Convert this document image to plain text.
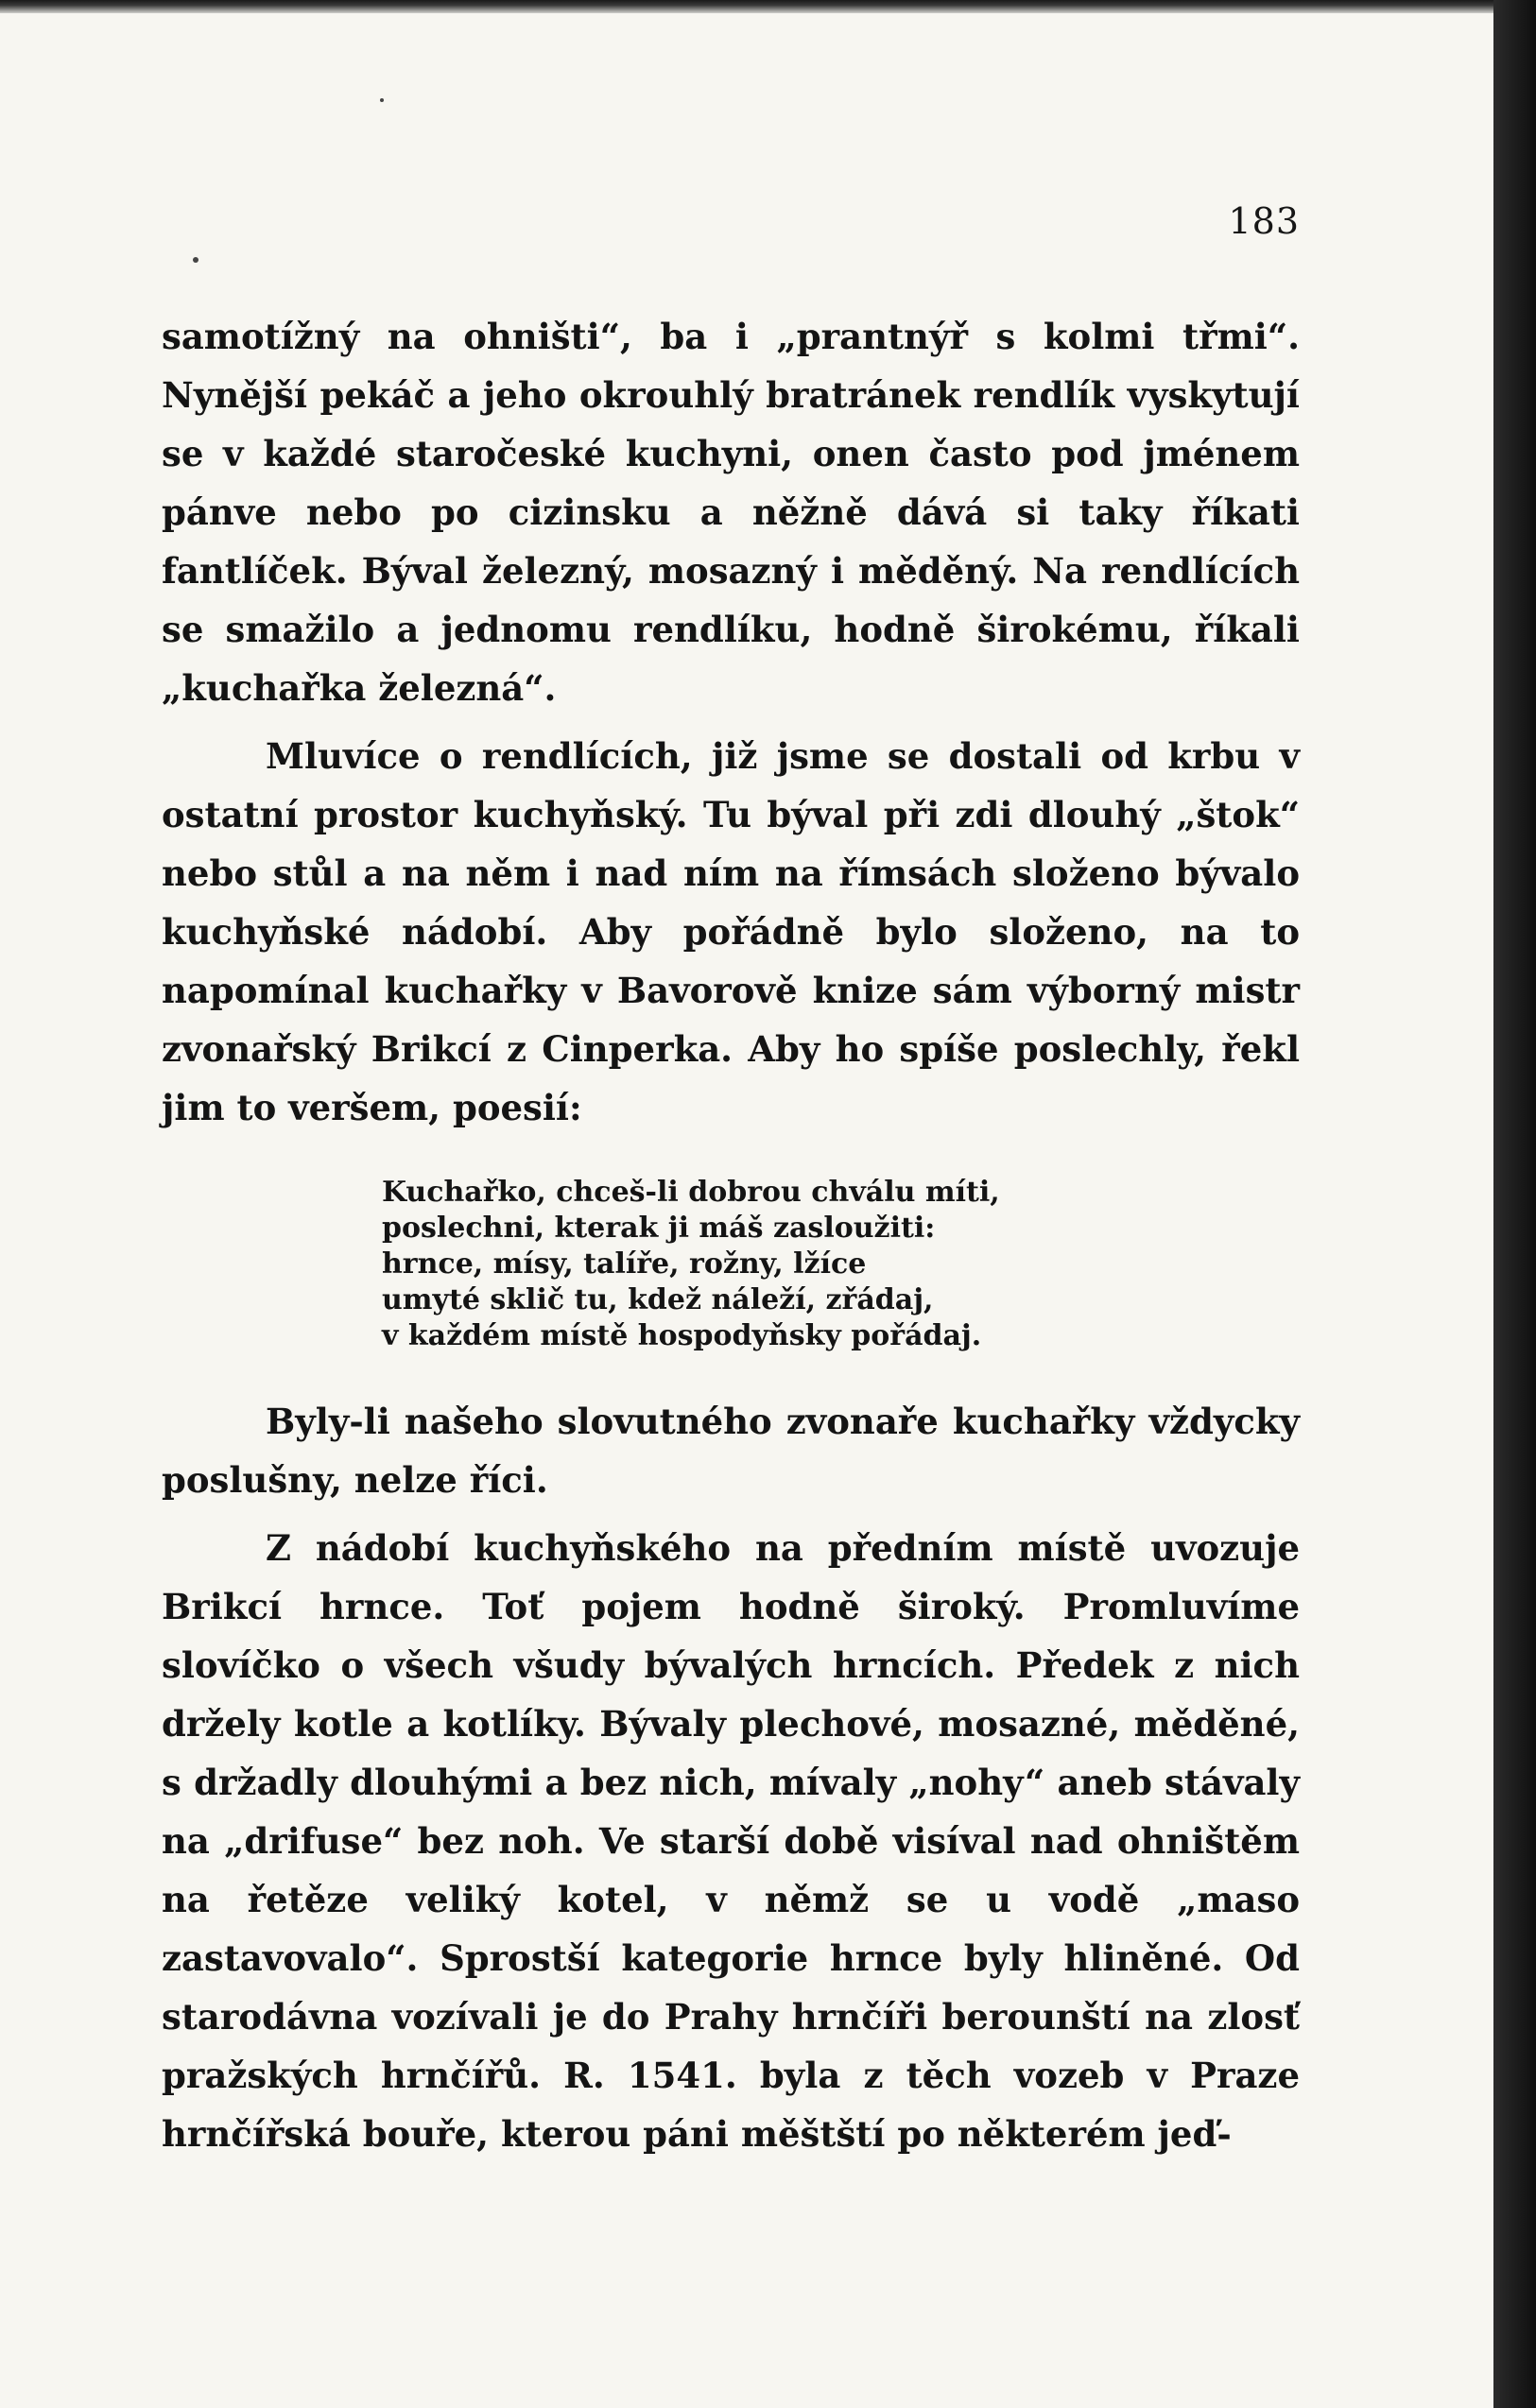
183

samotížný na ohništi“, ba i „prantnýř s kolmi třmi“. Nynější pekáč a jeho okrouhlý bratránek rendlík vyskytují se v každé staročeské kuchyni, onen často pod jménem pánve nebo po cizinsku a něžně dává si taky říkati fantlíček. Býval železný, mosazný i měděný. Na rendlících se smažilo a jednomu rendlíku, hodně širokému, říkali „kuchařka železná“.

Mluvíce o rendlících, již jsme se dostali od krbu v ostatní prostor kuchyňský. Tu býval při zdi dlouhý „štok“ nebo stůl a na něm i nad ním na římsách složeno bývalo kuchyňské nádobí. Aby pořádně bylo složeno, na to napomínal kuchařky v Bavorově knize sám výborný mistr zvonařský Brikcí z Cinperka. Aby ho spíše poslechly, řekl jim to veršem, poesií:

Kuchařko, chceš-li dobrou chválu míti,
poslechni, kterak ji máš zasloužiti:
hrnce, mísy, talíře, rožny, lžíce
umyté sklič tu, kdež náleží, zřádaj,
v každém místě hospodyňsky pořádaj.

Byly-li našeho slovutného zvonaře kuchařky vždycky poslušny, nelze říci.

Z nádobí kuchyňského na předním místě uvozuje Brikcí hrnce. Toť pojem hodně široký. Promluvíme slovíčko o všech všudy bývalých hrncích. Předek z nich držely kotle a kotlíky. Bývaly plechové, mosazné, měděné, s držadly dlouhými a bez nich, mívaly „nohy“ aneb stávaly na „drifuse“ bez noh. Ve starší době visíval nad ohništěm na řetěze veliký kotel, v němž se u vodě „maso zastavovalo“. Sprostší kategorie hrnce byly hliněné. Od starodávna vozívali je do Prahy hrnčíři berounští na zlosť pražských hrnčířů. R. 1541. byla z těch vozeb v Praze hrnčířská bouře, kterou páni měštští po některém jeď-
